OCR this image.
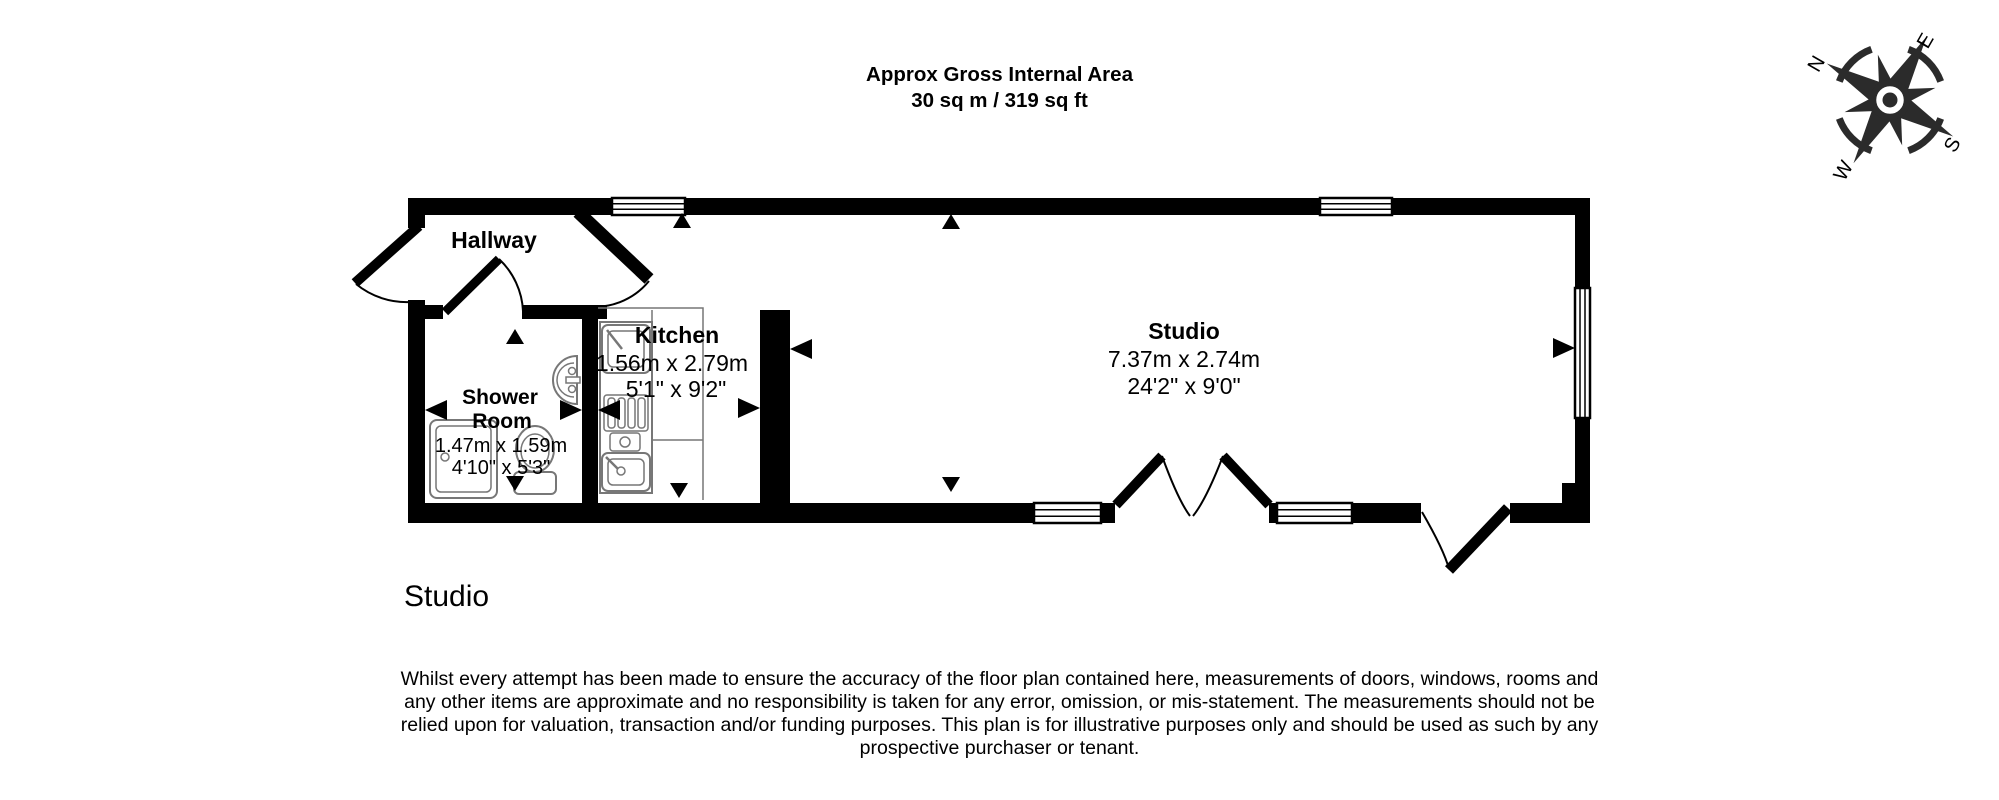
Approx Gross Internal Area
30 sq m / 319 sq ft
Hallway
Shower
Room
1.47m x 1.59m
4'10" x 5'3"
Kitchen
1.56m x 2.79m
5'1" x 9'2"
Studio
7.37m x 2.74m
24'2" x 9'0"
N
E
S
W
Studio
Whilst every attempt has been made to ensure the accuracy of the floor plan contained here, measurements of doors, windows, rooms and
any other items are approximate and no responsibility is taken for any error, omission, or mis-statement. The measurements should not be
relied upon for valuation, transaction and/or funding purposes. This plan is for illustrative purposes only and should be used as such by any
prospective purchaser or tenant.
